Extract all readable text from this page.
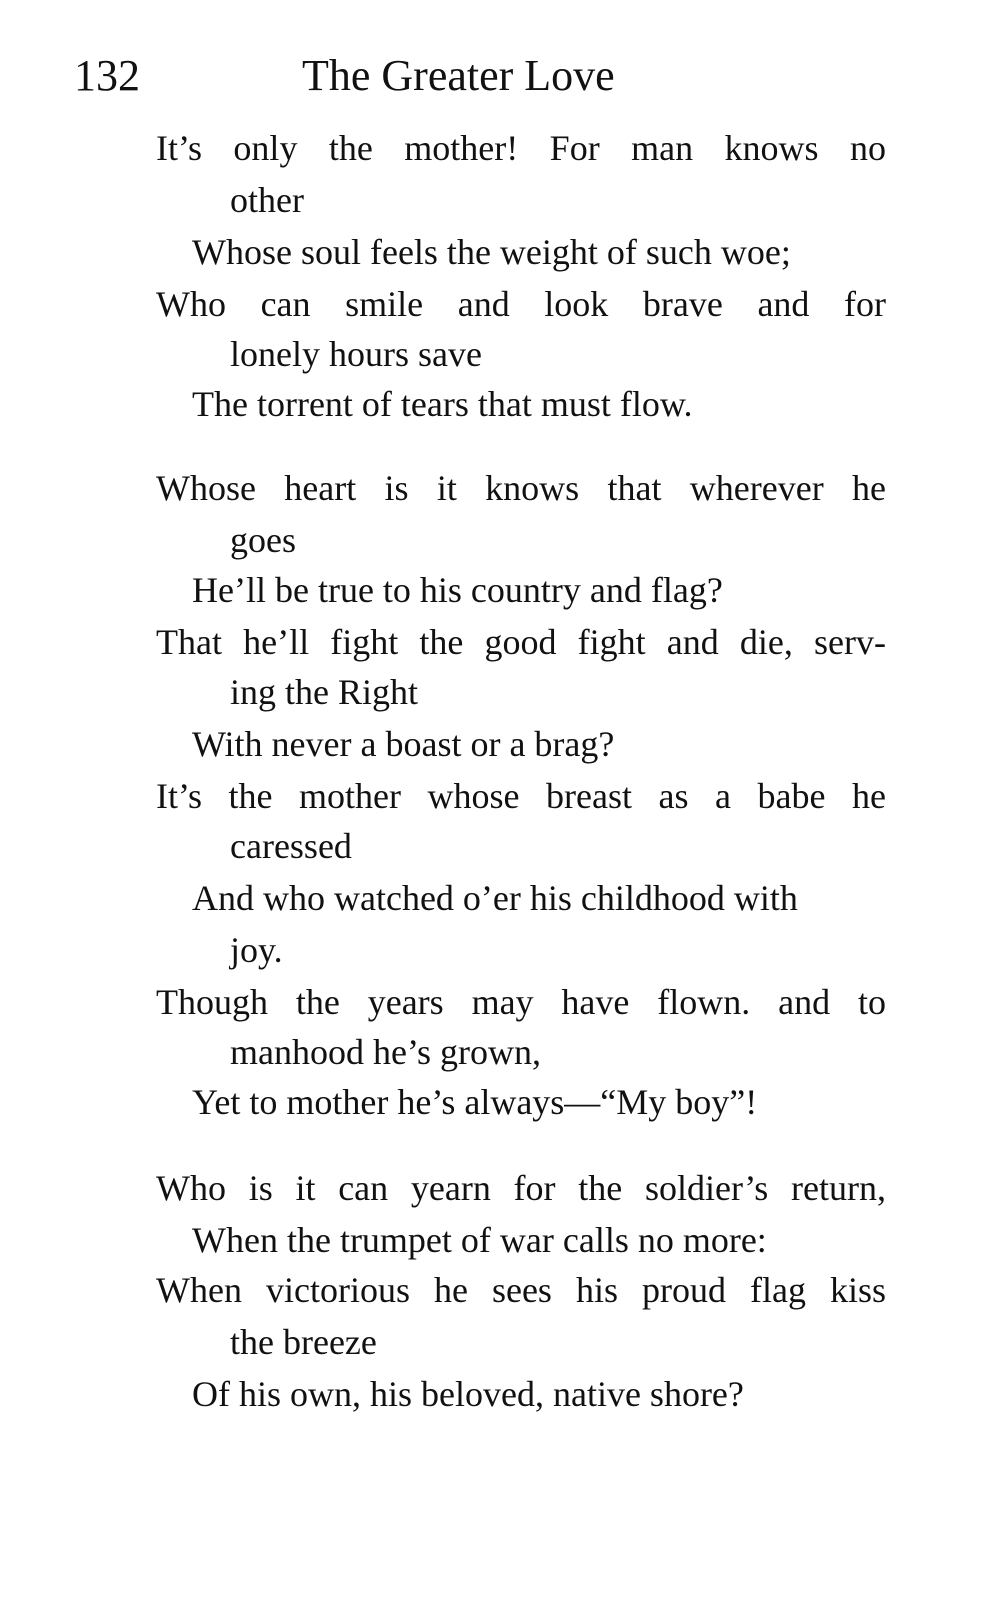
132	The Greater Love
It’s only the mother! For man knows no
other
Whose soul feels the weight of such woe;
Who can smile and look brave and for
lonely hours save
The torrent of tears that must flow.
Whose heart is it knows that wherever he
goes
He’ll be true to his country and flag?
That he’ll fight the good fight and die, serv-
ing the Right
With never a boast or a brag?
It’s the mother whose breast as a babe he
caressed
And who watched o’er his childhood with
joy.
Though the years may have flown. and to
manhood he’s grown,
Yet to mother he’s always—“My boy”!
Who is it can yearn for the soldier’s return,
When the trumpet of war calls no more:
When victorious he sees his proud flag kiss
the breeze
Of his own, his beloved, native shore?
